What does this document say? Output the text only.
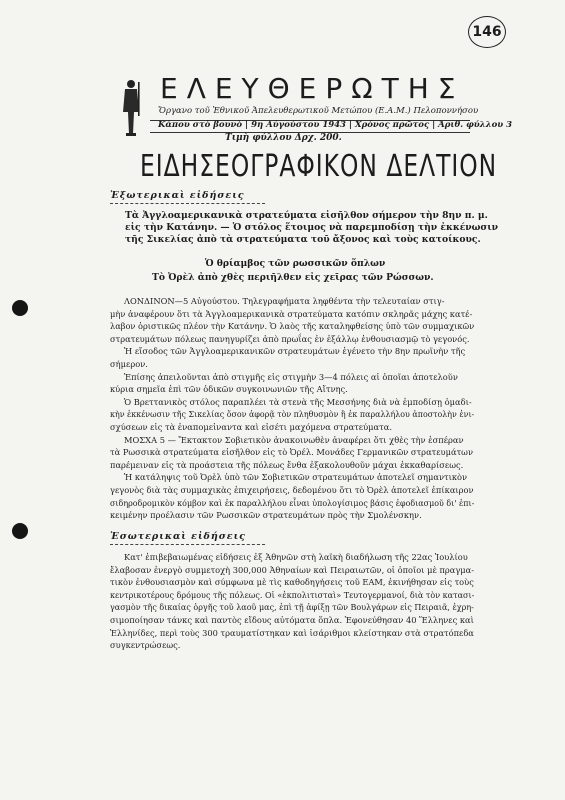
146
ΕΛΕΥΘΕΡΩΤΗΣ
Ὄργανο τοῦ Ἐθνικοῦ Ἀπελευθερωτικοῦ Μετώπου (Ε.Α.Μ.) Πελοποννήσου
Κάπου στὸ βουνὸ | 9η Αὐγούστου 1943 | Χρόνος πρῶτος | Ἀριθ. φύλλου 3
Τιμὴ φύλλου Δρχ. 200.
ΕΙΔΗΣΕΟΓΡΑΦΙΚΟΝ ΔΕΛΤΙΟΝ
Ἐξωτερικαὶ εἰδήσεις
Τὰ Ἀγγλοαμερικανικὰ στρατεύματα εἰσῆλθον σήμερον τὴν 8ην π. μ.
εἰς τὴν Κατάνην. — Ὁ στόλος ἕτοιμος νὰ παρεμποδίσῃ τὴν ἐκκένωσιν
τῆς Σικελίας ἀπὸ τὰ στρατεύματα τοῦ ἄξονος καὶ τοὺς κατοίκους.
Ὁ θρίαμβος τῶν ρωσσικῶν ὅπλων
Τὸ Ὀρὲλ ἀπὸ χθὲς περιῆλθεν εἰς χεῖρας τῶν Ρώσσων.
ΛΟΝΔΙΝΟΝ—5 Αὐγούστου. Τηλεγραφήματα ληφθέντα τὴν τελευταίαν στιγ-
μὴν ἀναφέρουν ὅτι τὰ Ἀγγλοαμερικανικὰ στρατεύματα κατόπιν σκληρᾶς μάχης κατέ-
λαβον ὁριστικῶς πλέον τὴν Κατάνην. Ὁ λαὸς τῆς καταληφθείσης ὑπὸ τῶν συμμαχικῶν
στρατευμάτων πόλεως πανηγυρίζει ἀπὸ πρωΐας ἐν ἐξάλλῳ ἐνθουσιασμῷ τὸ γεγονός.
Ἡ εἴσοδος τῶν Ἀγγλοαμερικανικῶν στρατευμάτων ἐγένετο τὴν 8ην πρωϊνὴν τῆς
σήμερον.
Ἐπίσης ἀπειλοῦνται ἀπὸ στιγμῆς εἰς στιγμὴν 3—4 πόλεις αἱ ὁποῖαι ἀποτελοῦν
κύρια σημεῖα ἐπὶ τῶν ὁδικῶν συγκοινωνιῶν τῆς Αἴτνης.
Ὁ Βρεττανικὸς στόλος παραπλέει τὰ στενὰ τῆς Μεσσήνης διὰ νὰ ἐμποδίσῃ ὁμαδι-
κὴν ἐκκένωσιν τῆς Σικελίας ὅσον ἀφορᾷ τὸν πληθυσμὸν ἢ ἐκ παραλλήλου ἀποστολὴν ἐνι-
σχύσεων εἰς τὰ ἐναπομεἱναντα καὶ εἰσέτι μαχόμενα στρατεύματα.
ΜΟΣΧΑ 5 — Ἔκτακτον Σοβιετικὸν ἀνακοινωθὲν ἀναφέρει ὅτι χθὲς τὴν ἑσπέραν
τὰ Ρωσσικὰ στρατεύματα εἰσῆλθον εἰς τὸ Ὀρέλ. Μονάδες Γερμανικῶν στρατευμάτων
παρέμειναν εἰς τὰ προάστεια τῆς πόλεως ἔνθα ἐξακολουθοῦν μάχαι ἐκκαθαρίσεως.
Ἡ κατάληψις τοῦ Ὀρὲλ ὑπὸ τῶν Σοβιετικῶν στρατευμάτων ἀποτελεῖ σημαντικὸν
γεγονὸς διὰ τὰς συμμαχικὰς ἐπιχειρήσεις, δεδομένου ὅτι τὸ Ὀρὲλ ἀποτελεῖ ἐπίκαιρον
σιδηροδρομικὸν κόμβον καὶ ἐκ παραλλήλου εἶναι ὑπολογίσιμος βάσις ἐφοδιασμοῦ δι' ἐπι-
κειμένην προέλασιν τῶν Ρωσσικῶν στρατευμάτων πρὸς τὴν Σμολένσκην.
Ἐσωτερικαὶ εἰδήσεις
Κατ' ἐπιβεβαιωμένας εἰδήσεις ἐξ Ἀθηνῶν στὴ λαϊκὴ διαδήλωση τῆς 22ας Ἰουλίου
ἔλαβοσαν ἐνεργὸ συμμετοχὴ 300,000 Ἀθηναίων καὶ Πειραιωτῶν, οἱ ὁποῖοι μὲ πραγμα-
τικὸν ἐνθουσιασμὸν καὶ σύμφωνα μὲ τὶς καθοδηγήσεις τοῦ ΕΑΜ, ἐκινήθησαν εἰς τοὺς
κεντρικοτέρους δρόμους τῆς πόλεως. Οἱ «ἐκπολιτισταὶ» Τευτογερμανοί, διὰ τὸν κατασι-
γασμὸν τῆς δικαίας ὀργῆς τοῦ λαοῦ μας, ἐπὶ τῇ ἀφίξῃ τῶν Βουλγάρων εἰς Πειραιᾶ, ἐχρη-
σιμοποίησαν τάνκς καὶ παντὸς εἴδους αὐτόματα ὅπλα. Ἐφονεύθησαν 40 Ἕλληνες καὶ
Ἑλληνίδες, περὶ τοὺς 300 τραυματίστηκαν καὶ ἰσάριθμοι κλείστηκαν στὰ στρατόπεδα
συγκεντρώσεως.
